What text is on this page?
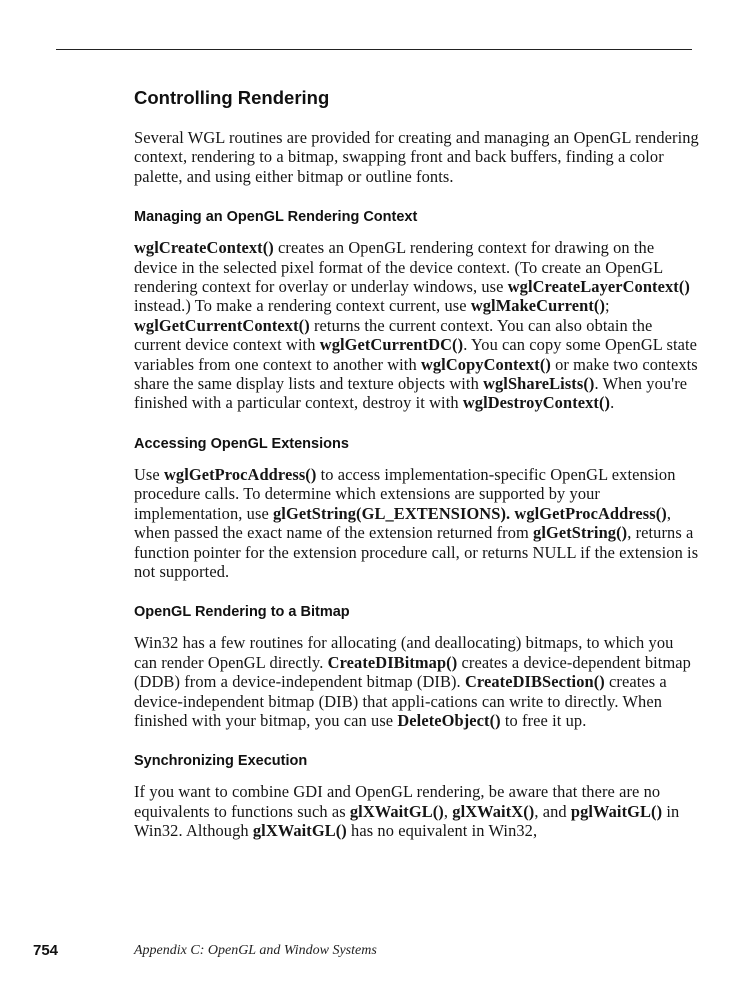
Controlling Rendering

Several WGL routines are provided for creating and managing an OpenGL rendering context, rendering to a bitmap, swapping front and back buffers, finding a color palette, and using either bitmap or outline fonts.

Managing an OpenGL Rendering Context

wglCreateContext() creates an OpenGL rendering context for drawing on the device in the selected pixel format of the device context. (To create an OpenGL rendering context for overlay or underlay windows, use wglCreateLayerContext() instead.) To make a rendering context current, use wglMakeCurrent(); wglGetCurrentContext() returns the current context. You can also obtain the current device context with wglGetCurrentDC(). You can copy some OpenGL state variables from one context to another with wglCopyContext() or make two contexts share the same display lists and texture objects with wglShareLists(). When you're finished with a particular context, destroy it with wglDestroyContext().

Accessing OpenGL Extensions

Use wglGetProcAddress() to access implementation-specific OpenGL extension procedure calls. To determine which extensions are supported by your implementation, use glGetString(GL_EXTENSIONS). wglGetProcAddress(), when passed the exact name of the extension returned from glGetString(), returns a function pointer for the extension procedure call, or returns NULL if the extension is not supported.

OpenGL Rendering to a Bitmap

Win32 has a few routines for allocating (and deallocating) bitmaps, to which you can render OpenGL directly. CreateDIBitmap() creates a device-dependent bitmap (DDB) from a device-independent bitmap (DIB). CreateDIBSection() creates a device-independent bitmap (DIB) that appli-cations can write to directly. When finished with your bitmap, you can use DeleteObject() to free it up.

Synchronizing Execution

If you want to combine GDI and OpenGL rendering, be aware that there are no equivalents to functions such as glXWaitGL(), glXWaitX(), and pglWaitGL() in Win32. Although glXWaitGL() has no equivalent in Win32,

754	Appendix C: OpenGL and Window Systems
